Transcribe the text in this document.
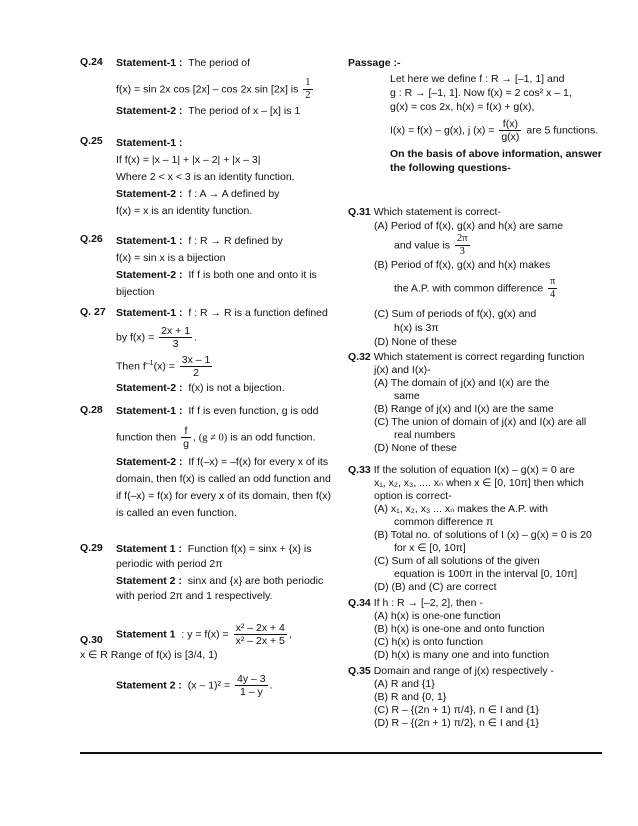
Q.24 Statement-1 : The period of
f(x) = sin 2x cos [2x] – cos 2x sin [2x] is $\frac{1}{2}$
Statement-2 : The period of x – [x] is 1
Q.25 Statement-1 :
If f(x) = |x – 1| + |x – 2| + |x – 3|
Where 2 < x < 3 is an identity function.
Statement-2 : f : A → A defined by
f(x) = x is an identity function.
Q.26 Statement-1 : f : R → R defined by
f(x) = sin x is a bijection
Statement-2 : If f is both one and onto it is
bijection
Q. 27 Statement-1 : f : R → R is a function defined
by $f(x) = \frac{2x + 1}{3}$ .
Then $f^{-1}(x) = \frac{3x - 1}{2}$
Statement-2 : f(x) is not a bijection.
Q.28 Statement-1 : If f is even function, g is odd
function then $\frac{f}{g}$ , (g ≠ 0) is an odd function.
Statement-2 : If f(–x) = –f(x) for every x of its
domain, then f(x) is called an odd function and
if f(–x) = f(x) for every x of its domain, then f(x)
is called an even function.
Q.29 Statement 1 : Function f(x) = sinx + {x} is
periodic with period 2π
Statement 2 : sinx and {x} are both periodic
with period 2π and 1 respectively.
Q.30 Statement 1 : $y = f(x) = \frac{\text{x² – 2x + 4}}{\text{x² – 2x + 5}}$ ,
x ∈ R Range of f(x) is [3/4, 1)
Statement 2 : $(x - 1)^2 = \frac{4y - 3}{1 - y}$ .
Passage :-
Let here we define f : R → [–1, 1] and
g : R → [–1, 1]. Now f(x) = 2 cos² x – 1,
g(x) = cos 2x, h(x) = f(x) + g(x),
I(x) = f(x) – g(x), j $(x) = \frac{f(x)}{g(x)}$ are 5 functions.
On the basis of above information, answer
the following questions-
Q.31 Which statement is correct-
(A) Period of f(x), g(x) and h(x) are same
and value is $\frac{2\pi}{3}$
(B) Period of f(x), g(x) and h(x) makes
the A.P. with common difference $\frac{\pi}{4}$
(C) Sum of periods of f(x), g(x) and
h(x) is 3π
(D) None of these
Q.32 Which statement is correct regarding function
j(x) and I(x)-
(A) The domain of j(x) and I(x) are the
same
(B) Range of j(x) and I(x) are the same
(C) The union of domain of j(x) and I(x) are all
real numbers
(D) None of these
Q.33 If the solution of equation I(x) – g(x) = 0 are
x₁, x₂, x₃, .... xₙ when x ∈ [0, 10π] then which
option is correct-
(A) x₁, x₂, x₃ ... xₙ makes the A.P. with
common difference π
(B) Total no. of solutions of I (x) – g(x) = 0 is 20
for x ∈ [0, 10π]
(C) Sum of all solutions of the given
equation is 100π in the interval [0, 10π]
(D) (B) and (C) are correct
Q.34 If h : R → [–2, 2], then -
(A) h(x) is one-one function
(B) h(x) is one-one and onto function
(C) h(x) is onto function
(D) h(x) is many one and into function
Q.35 Domain and range of j(x) respectively -
(A) R and {1}
(B) R and {0, 1}
(C) R – {(2n + 1) π/4}, n ∈ I and {1}
(D) R – {(2n + 1) π/2}, n ∈ I and {1}
